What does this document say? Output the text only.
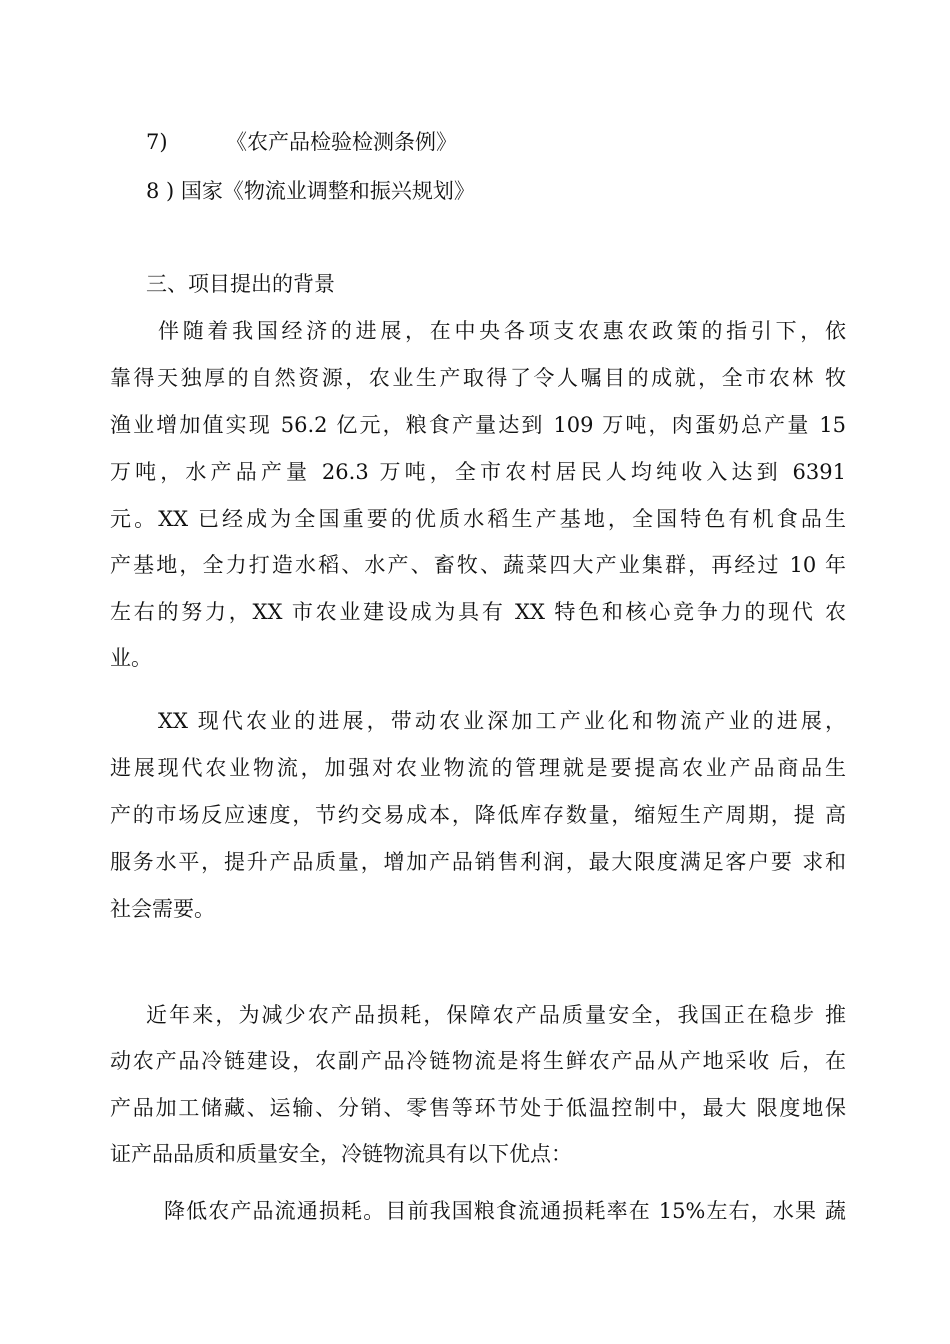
7)	《农产品检验检测条例》
8 ) 国家《物流业调整和振兴规划》
三、项目提出的背景
伴随着我国经济的进展，在中央各项支农惠农政策的指引下，依
靠得天独厚的自然资源，农业生产取得了令人嘱目的成就，全市农林 牧
渔业增加值实现 56.2 亿元，粮食产量达到 109 万吨，肉蛋奶总产量 15
万吨，水产品产量 26.3 万吨，全市农村居民人均纯收入达到 6391
元。XX 已经成为全国重要的优质水稻生产基地，全国特色有机食品生
产基地，全力打造水稻、水产、畜牧、蔬菜四大产业集群，再经过 10 年
左右的努力，XX 市农业建设成为具有 XX 特色和核心竞争力的现代 农
业。
XX 现代农业的进展，带动农业深加工产业化和物流产业的进展，
进展现代农业物流，加强对农业物流的管理就是要提高农业产品商品生
产的市场反应速度，节约交易成本，降低库存数量，缩短生产周期，提 高
服务水平，提升产品质量，增加产品销售利润，最大限度满足客户要 求和
社会需要。
近年来，为减少农产品损耗，保障农产品质量安全，我国正在稳步 推
动农产品冷链建设，农副产品冷链物流是将生鲜农产品从产地采收 后，在
产品加工储藏、运输、分销、零售等环节处于低温控制中，最大 限度地保
证产品品质和质量安全，冷链物流具有以下优点：
降低农产品流通损耗。目前我国粮食流通损耗率在 15%左右，水果 蔬
